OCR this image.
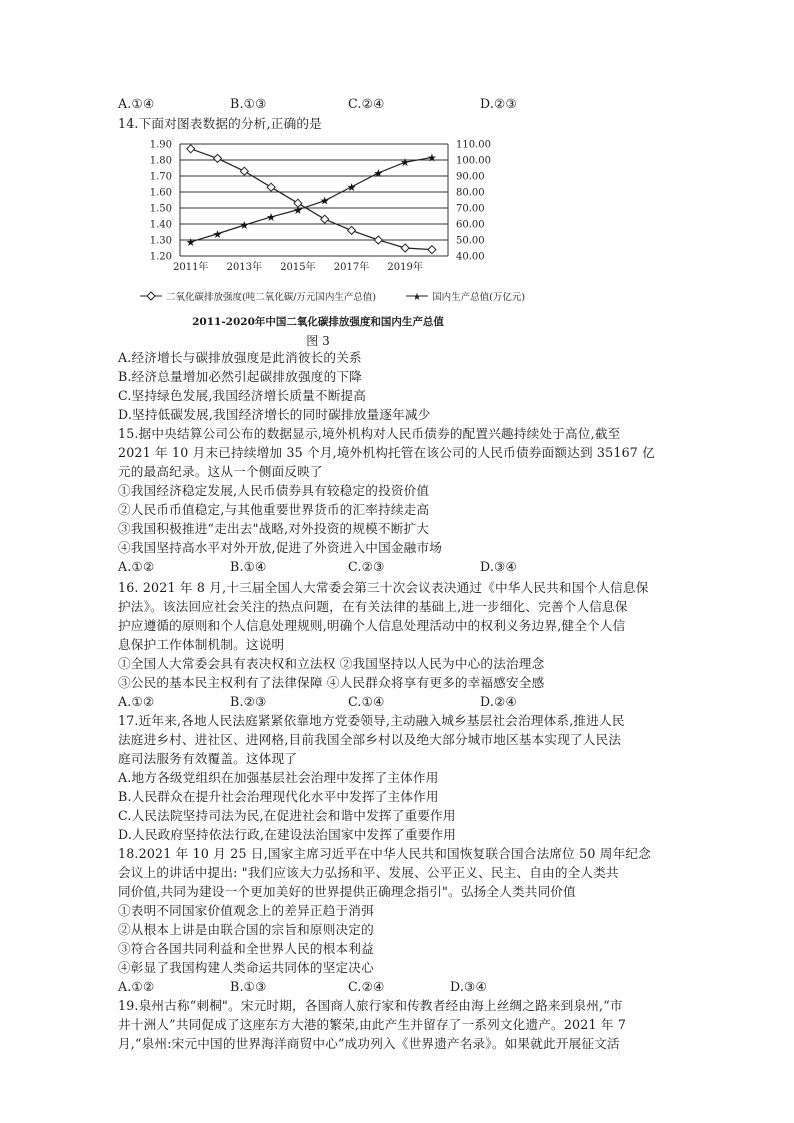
A.①④	B.①③	C.②④	D.②③
14.下面对图表数据的分析,正确的是
1.90
1.80
1.70
1.60
1.50
1.40
1.30
1.20
110.00
100.00
90.00
80.00
70.00
60.00
50.00
40.00
2011年 2013年 2015年 2017年 2019年
★
★
★
★
★
★
★
★
★ ★
二氧化碳排放强度(吨二氧化碳/万元国内生产总值)	★ 国内生产总值(万亿元)
2011-2020年中国二氧化碳排放强度和国内生产总值
图 3
A.经济增长与碳排放强度是此消彼长的关系
B.经济总量增加必然引起碳排放强度的下降
C.坚持绿色发展,我国经济增长质量不断提高
D.坚持低碳发展,我国经济增长的同时碳排放量逐年减少
15.据中央结算公司公布的数据显示,境外机构对人民币债券的配置兴趣持续处于高位,截至
2021 年 10 月末已持续增加 35 个月,境外机构托管在该公司的人民币债券面额达到 35167 亿
元的最高纪录。这从一个侧面反映了
①我国经济稳定发展,人民币债券具有较稳定的投资价值
②人民币币值稳定,与其他重要世界货币的汇率持续走高
③我国积极推进“走出去"战略,对外投资的规模不断扩大
④我国坚持高水平对外开放,促进了外资进入中国金融市场
A.①②	B.①④	C.②③	D.③④
16. 2021 年 8 月,十三届全国人大常委会第三十次会议表决通过《中华人民共和国个人信息保
护法》。该法回应社会关注的热点问题，在有关法律的基础上,进一步细化、完善个人信息保
护应遵循的原则和个人信息处理规则,明确个人信息处理活动中的权利义务边界,健全个人信
息保护工作体制机制。这说明
①全国人大常委会具有表决权和立法权 ②我国坚持以人民为中心的法治理念
③公民的基本民主权利有了法律保障 ④人民群众将享有更多的幸福感安全感
A.①②	B.②③	C.①④	D.②④
17.近年来,各地人民法庭紧紧依靠地方党委领导,主动融入城乡基层社会治理体系,推进人民
法庭进乡村、进社区、进网格,目前我国全部乡村以及绝大部分城市地区基本实现了人民法
庭司法服务有效覆盖。这体现了
A.地方各级党组织在加强基层社会治理中发挥了主体作用
B.人民群众在提升社会治理现代化水平中发挥了主体作用
C.人民法院坚持司法为民,在促进社会和谐中发挥了重要作用
D.人民政府坚持依法行政,在建设法治国家中发挥了重要作用
18.2021 年 10 月 25 日,国家主席习近平在中华人民共和国恢复联合国合法席位 50 周年纪念
会议上的讲话中提出: "我们应该大力弘扬和平、发展、公平正义、民主、自由的全人类共
同价值,共同为建设一个更加美好的世界提供正确理念指引"。弘扬全人类共同价值
①表明不同国家价值观念上的差异正趋于消弭
②从根本上讲是由联合国的宗旨和原则决定的
③符合各国共同利益和全世界人民的根本利益
④彰显了我国构建人类命运共同体的坚定决心
A.①②	B.①③	C.②④	D.③④
19.泉州古称“刺桐"。宋元时期，各国商人旅行家和传教者经由海上丝绸之路来到泉州,“市
井十洲人”共同促成了这座东方大港的繁荣,由此产生并留存了一系列文化遗产。2021 年 7
月,“泉州:宋元中国的世界海洋商贸中心”成功列入《世界遗产名录》。如果就此开展征文活
